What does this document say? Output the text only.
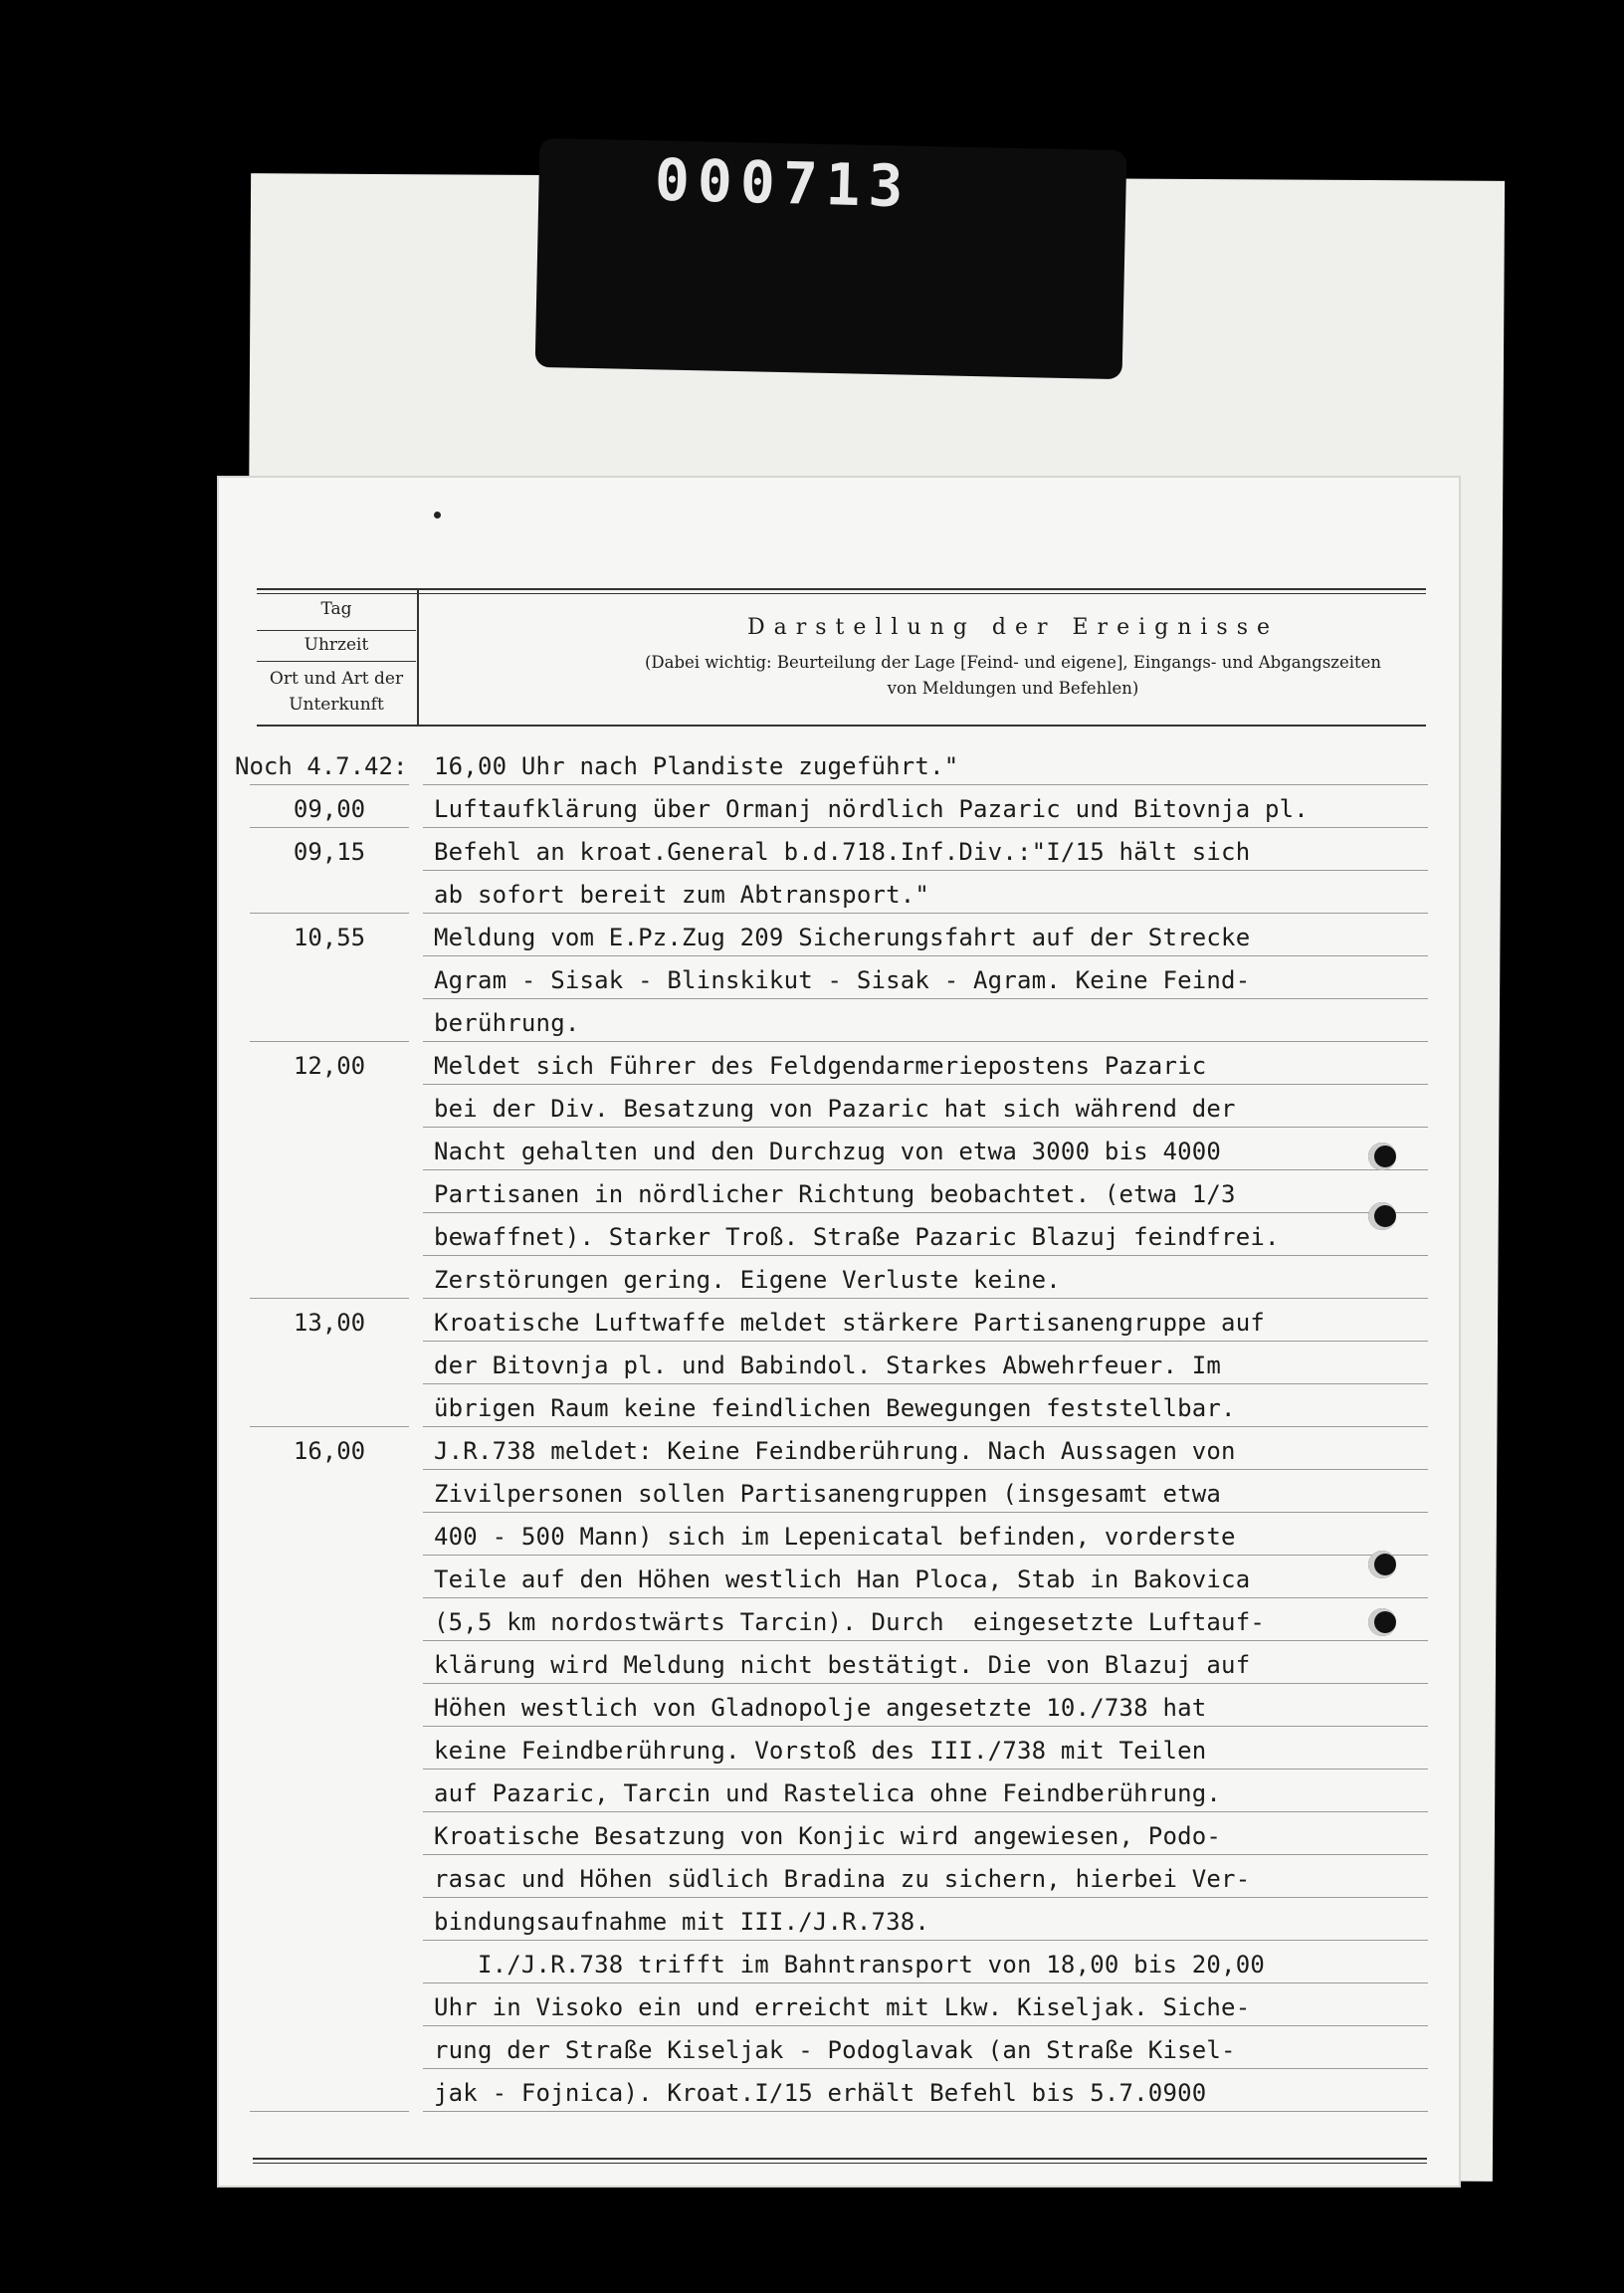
000713
Tag
Uhrzeit
Ort und Art der
Unterkunft
Darstellung der Ereignisse
(Dabei wichtig: Beurteilung der Lage [Feind- und eigene], Eingangs- und Abgangszeiten
von Meldungen und Befehlen)
Noch 4.7.42:	16,00 Uhr nach Plandiste zugeführt."
09,00	Luftaufklärung über Ormanj nördlich Pazaric und Bitovnja pl.
09,15	Befehl an kroat.General b.d.718.Inf.Div.:"I/15 hält sich
ab sofort bereit zum Abtransport."
10,55	Meldung vom E.Pz.Zug 209 Sicherungsfahrt auf der Strecke
Agram - Sisak - Blinskikut - Sisak - Agram. Keine Feind-
berührung.
12,00	Meldet sich Führer des Feldgendarmeriepostens Pazaric
bei der Div. Besatzung von Pazaric hat sich während der
Nacht gehalten und den Durchzug von etwa 3000 bis 4000
Partisanen in nördlicher Richtung beobachtet. (etwa 1/3
bewaffnet). Starker Troß. Straße Pazaric Blazuj feindfrei.
Zerstörungen gering. Eigene Verluste keine.
13,00	Kroatische Luftwaffe meldet stärkere Partisanengruppe auf
der Bitovnja pl. und Babindol. Starkes Abwehrfeuer. Im
übrigen Raum keine feindlichen Bewegungen feststellbar.
16,00	J.R.738 meldet: Keine Feindberührung. Nach Aussagen von
Zivilpersonen sollen Partisanengruppen (insgesamt etwa
400 - 500 Mann) sich im Lepenicatal befinden, vorderste
Teile auf den Höhen westlich Han Ploca, Stab in Bakovica
(5,5 km nordostwärts Tarcin). Durch  eingesetzte Luftauf-
klärung wird Meldung nicht bestätigt. Die von Blazuj auf
Höhen westlich von Gladnopolje angesetzte 10./738 hat
keine Feindberührung. Vorstoß des III./738 mit Teilen
auf Pazaric, Tarcin und Rastelica ohne Feindberührung.
Kroatische Besatzung von Konjic wird angewiesen, Podo-
rasac und Höhen südlich Bradina zu sichern, hierbei Ver-
bindungsaufnahme mit III./J.R.738.
I./J.R.738 trifft im Bahntransport von 18,00 bis 20,00
Uhr in Visoko ein und erreicht mit Lkw. Kiseljak. Siche-
rung der Straße Kiseljak - Podoglavak (an Straße Kisel-
jak - Fojnica). Kroat.I/15 erhält Befehl bis 5.7.0900
